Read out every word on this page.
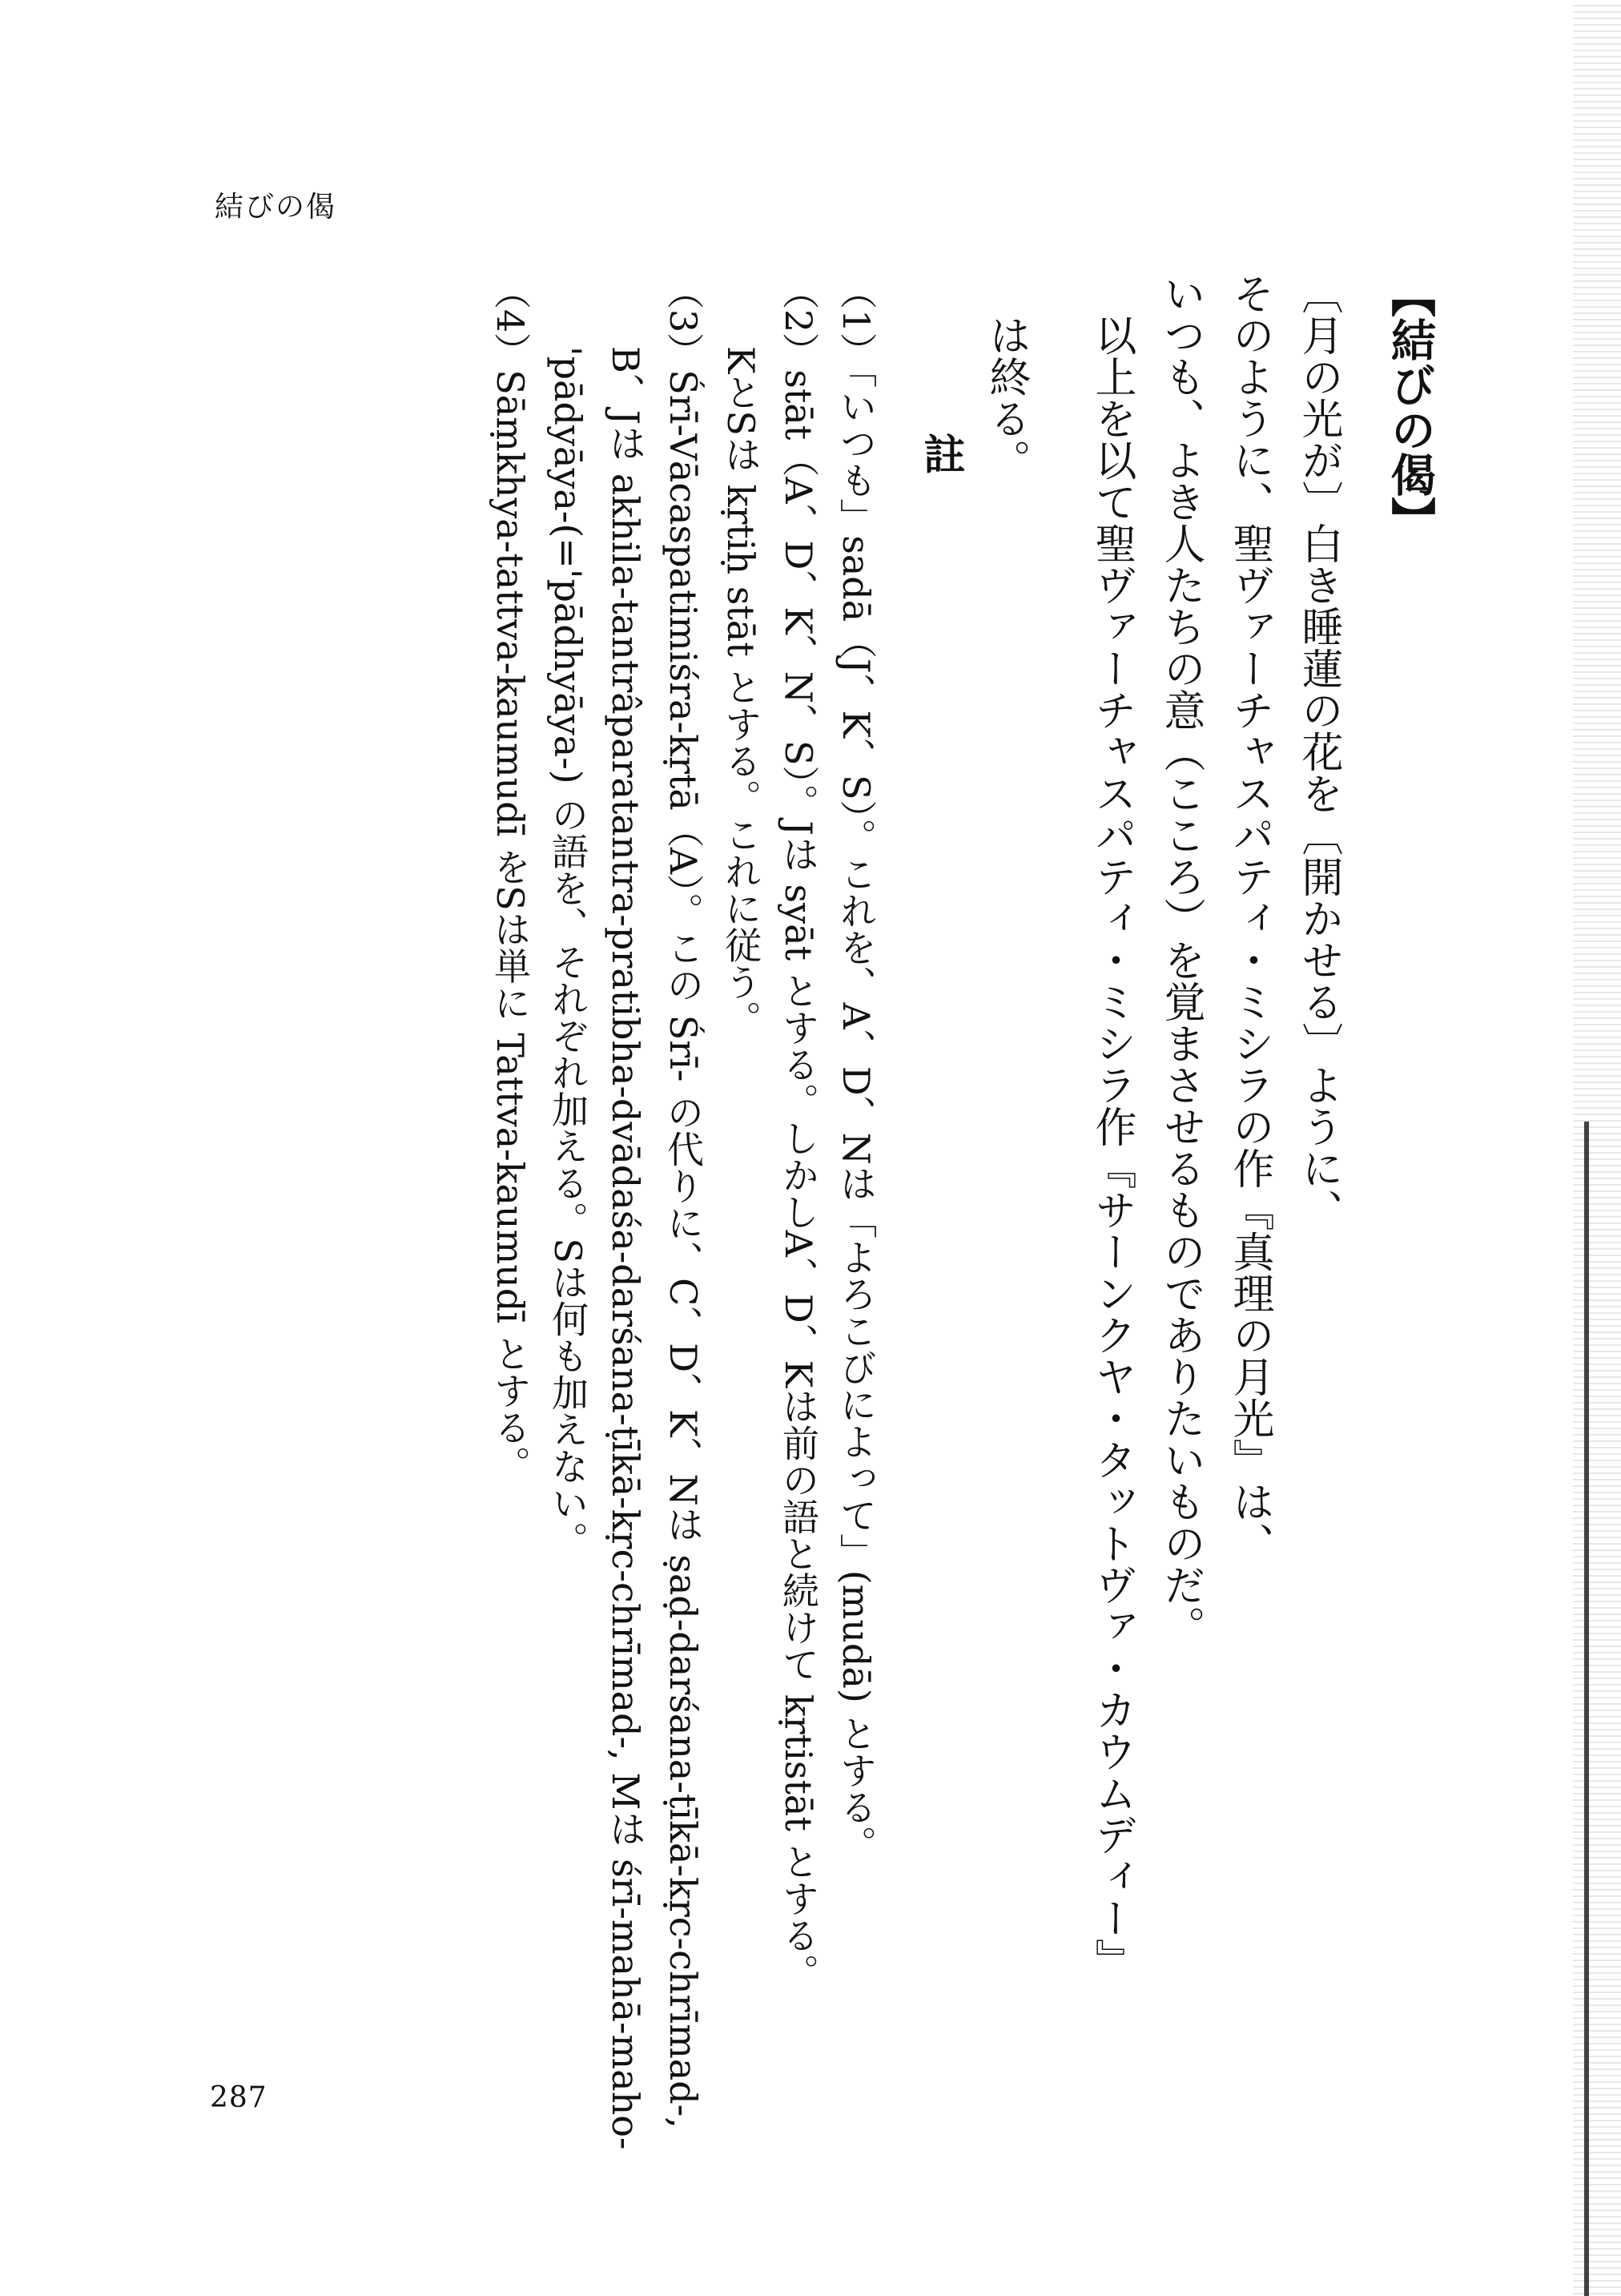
結びの偈
【結びの偈】
〔月の光が〕白き睡蓮の花を〔開かせる〕ように、
そのように、聖ヴァーチャスパティ・ミシラの作『真理の月光』は、
いつも、よき人たちの意（こころ）を覚まさせるものでありたいものだ。
以上を以て聖ヴァーチャスパティ・ミシラ作『サーンクヤ・タットヴァ・カウムディー』
は終る。
註
（1）「いつも」sadā（J、K、S）。これを、A、D、Nは「よろこびによって」(mudā) とする。
（2）stāt（A、D、K、N、S）。Jは syāt とする。しかしA、D、Kは前の語と続けて kṛtistāt とする。
KとSは kṛtiḥ stāt とする。これに従う。
（3）Śrī-Vācaspatimiśra-kṛtā（A）。この Śrī- の代りに、C、D、K、Nは ṣaḍ-darśana-ṭīkā-kṛc-chrīmad-,
B、Jは akhila-tantrâparatantra-pratibha-dvādaśa-darśana-ṭīkā-kṛc-chrīmad-, Mは śrī-mahā-maho-
'pādyāya-(='pādhyāya-) の語を、それぞれ加える。Sは何も加えない。
（4）Sāṃkhya-tattva-kaumudī をSは単に Tattva-kaumudī とする。
287
